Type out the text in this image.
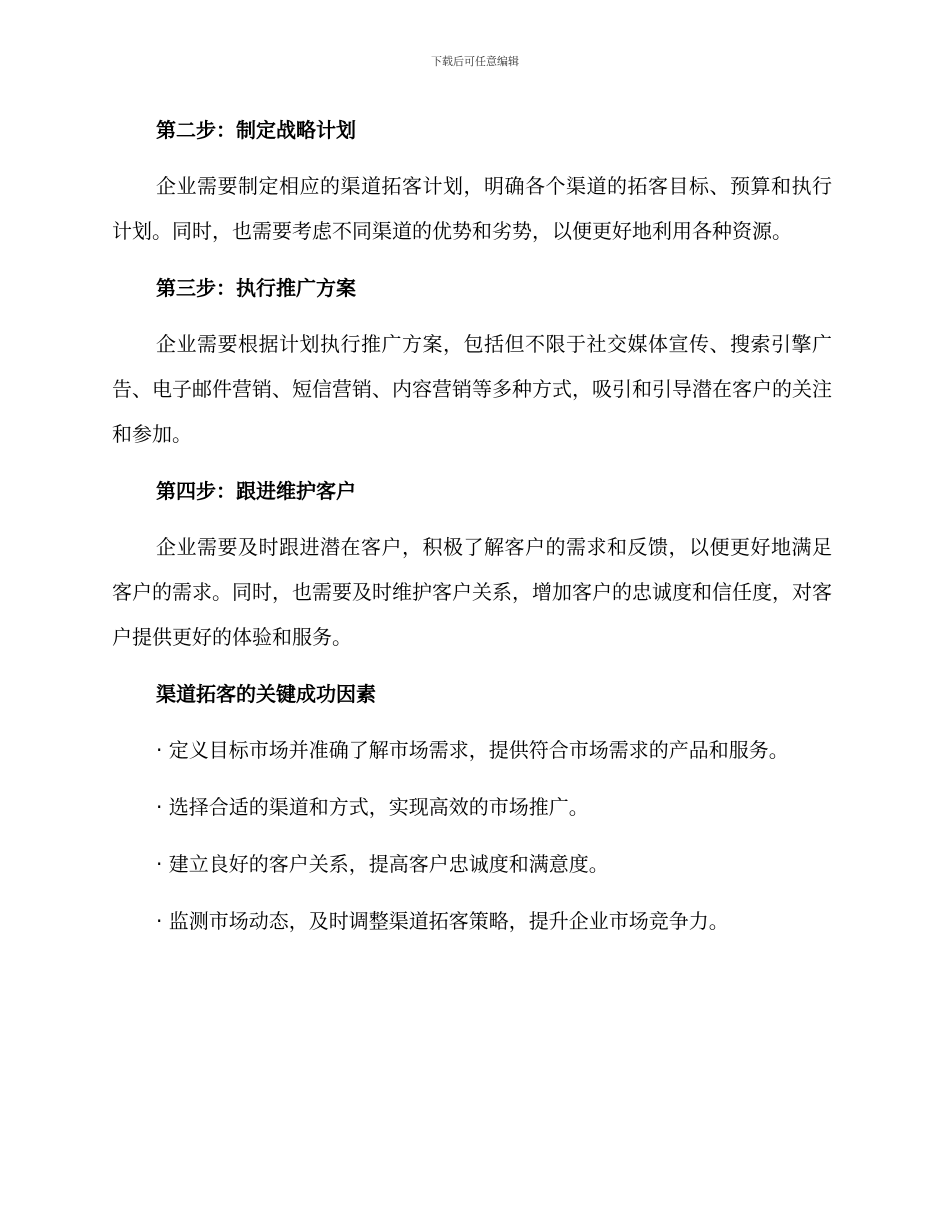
下载后可任意编辑
第二步：制定战略计划
企业需要制定相应的渠道拓客计划，明确各个渠道的拓客目标、预算和执行计划。同时，也需要考虑不同渠道的优势和劣势，以便更好地利用各种资源。
第三步：执行推广方案
企业需要根据计划执行推广方案，包括但不限于社交媒体宣传、搜索引擎广告、电子邮件营销、短信营销、内容营销等多种方式，吸引和引导潜在客户的关注和参加。
第四步：跟进维护客户
企业需要及时跟进潜在客户，积极了解客户的需求和反馈，以便更好地满足客户的需求。同时，也需要及时维护客户关系，增加客户的忠诚度和信任度，对客户提供更好的体验和服务。
渠道拓客的关键成功因素
· 定义目标市场并准确了解市场需求，提供符合市场需求的产品和服务。
· 选择合适的渠道和方式，实现高效的市场推广。
· 建立良好的客户关系，提高客户忠诚度和满意度。
· 监测市场动态，及时调整渠道拓客策略，提升企业市场竞争力。
